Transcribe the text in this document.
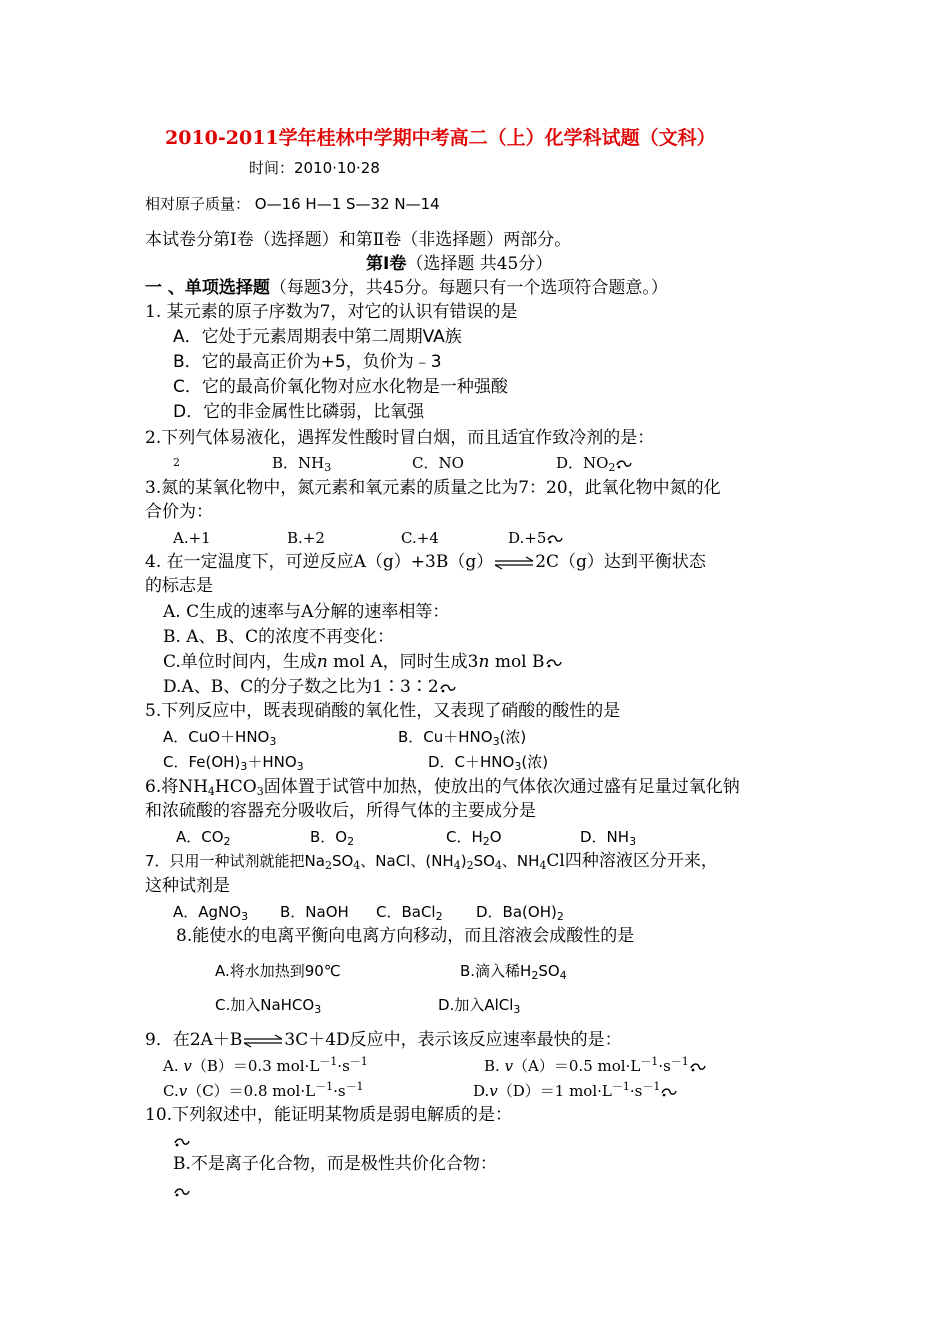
2010-2011学年桂林中学期中考高二（上）化学科试题（文科）
时间：2010·10·28
相对原子质量： O—16 H—1 S—32 N—14
本试卷分第Ⅰ卷（选择题）和第Ⅱ卷（非选择题）两部分。
第Ⅰ卷（选择题 共45分）
一 、单项选择题（每题3分，共45分。每题只有一个选项符合题意。）
1. 某元素的原子序数为7，对它的认识有错误的是
A．它处于元素周期表中第二周期VA族
B．它的最高正价为+5，负价为﹣3
C．它的最高价氧化物对应水化物是一种强酸
D．它的非金属性比磷弱，比氧强
2.下列气体易液化，遇挥发性酸时冒白烟，而且适宜作致冷剂的是：
2	B．$NH_3$	C．NO	D．$NO_2$
3.氮的某氧化物中，氮元素和氧元素的质量之比为7：20，此氧化物中氮的化
合价为：
A.+1	B.+2	C.+4	D.+5
4. 在一定温度下，可逆反应A（g）+3B（g）⇌2C（g）达到平衡状态
的标志是
A. C生成的速率与A分解的速率相等：
B. A、B、C的浓度不再变化：
C.单位时间内，生成n mol A，同时生成3n mol B
D.A、B、C的分子数之比为1∶3∶2
5.下列反应中，既表现硝酸的氧化性，又表现了硝酸的酸性的是
A．$CuO+HNO_3$	B．$Cu+HNO_3$(浓)
C．$Fe(OH)_3+HNO_3$	D．$C+HNO_3$(浓)
6.将$NH_4HCO_3$固体置于试管中加热，使放出的气体依次通过盛有足量过氧化钠
和浓硫酸的容器充分吸收后，所得气体的主要成分是
A．$CO_2$	B．$O_2$	C．$H_2O$	D．$NH_3$
7．只用一种试剂就能把$Na_2SO_4$、NaCl、$(NH_4)_2SO_4$、$NH_4Cl$四种溶液区分开来，
这种试剂是
A．AgNO$_3$ B．NaOH C．BaCl$_2$ D．$Ba(OH)_2$
8.能使水的电离平衡向电离方向移动，而且溶液会成酸性的是
A.将水加热到90℃	B.滴入稀$H_2SO_4$
C.加入NaHCO$_3$	D.加入AlCl$_3$
9．在2A＋B⇌3C＋4D反应中，表示该反应速率最快的是：
A. v（B）＝0.3 $mol\cdot L^{-1}\cdot s^{-1}$	B. v（A）＝0.5 $mol\cdot L^{-1}\cdot s^{-1}$
C.v（C）＝0.8 $mol\cdot L^{-1}\cdot s^{-1}$	D.v（D）＝1 $mol\cdot L^{-1}\cdot s^{-1}$
10.下列叙述中，能证明某物质是弱电解质的是：
B.不是离子化合物，而是极性共价化合物：
